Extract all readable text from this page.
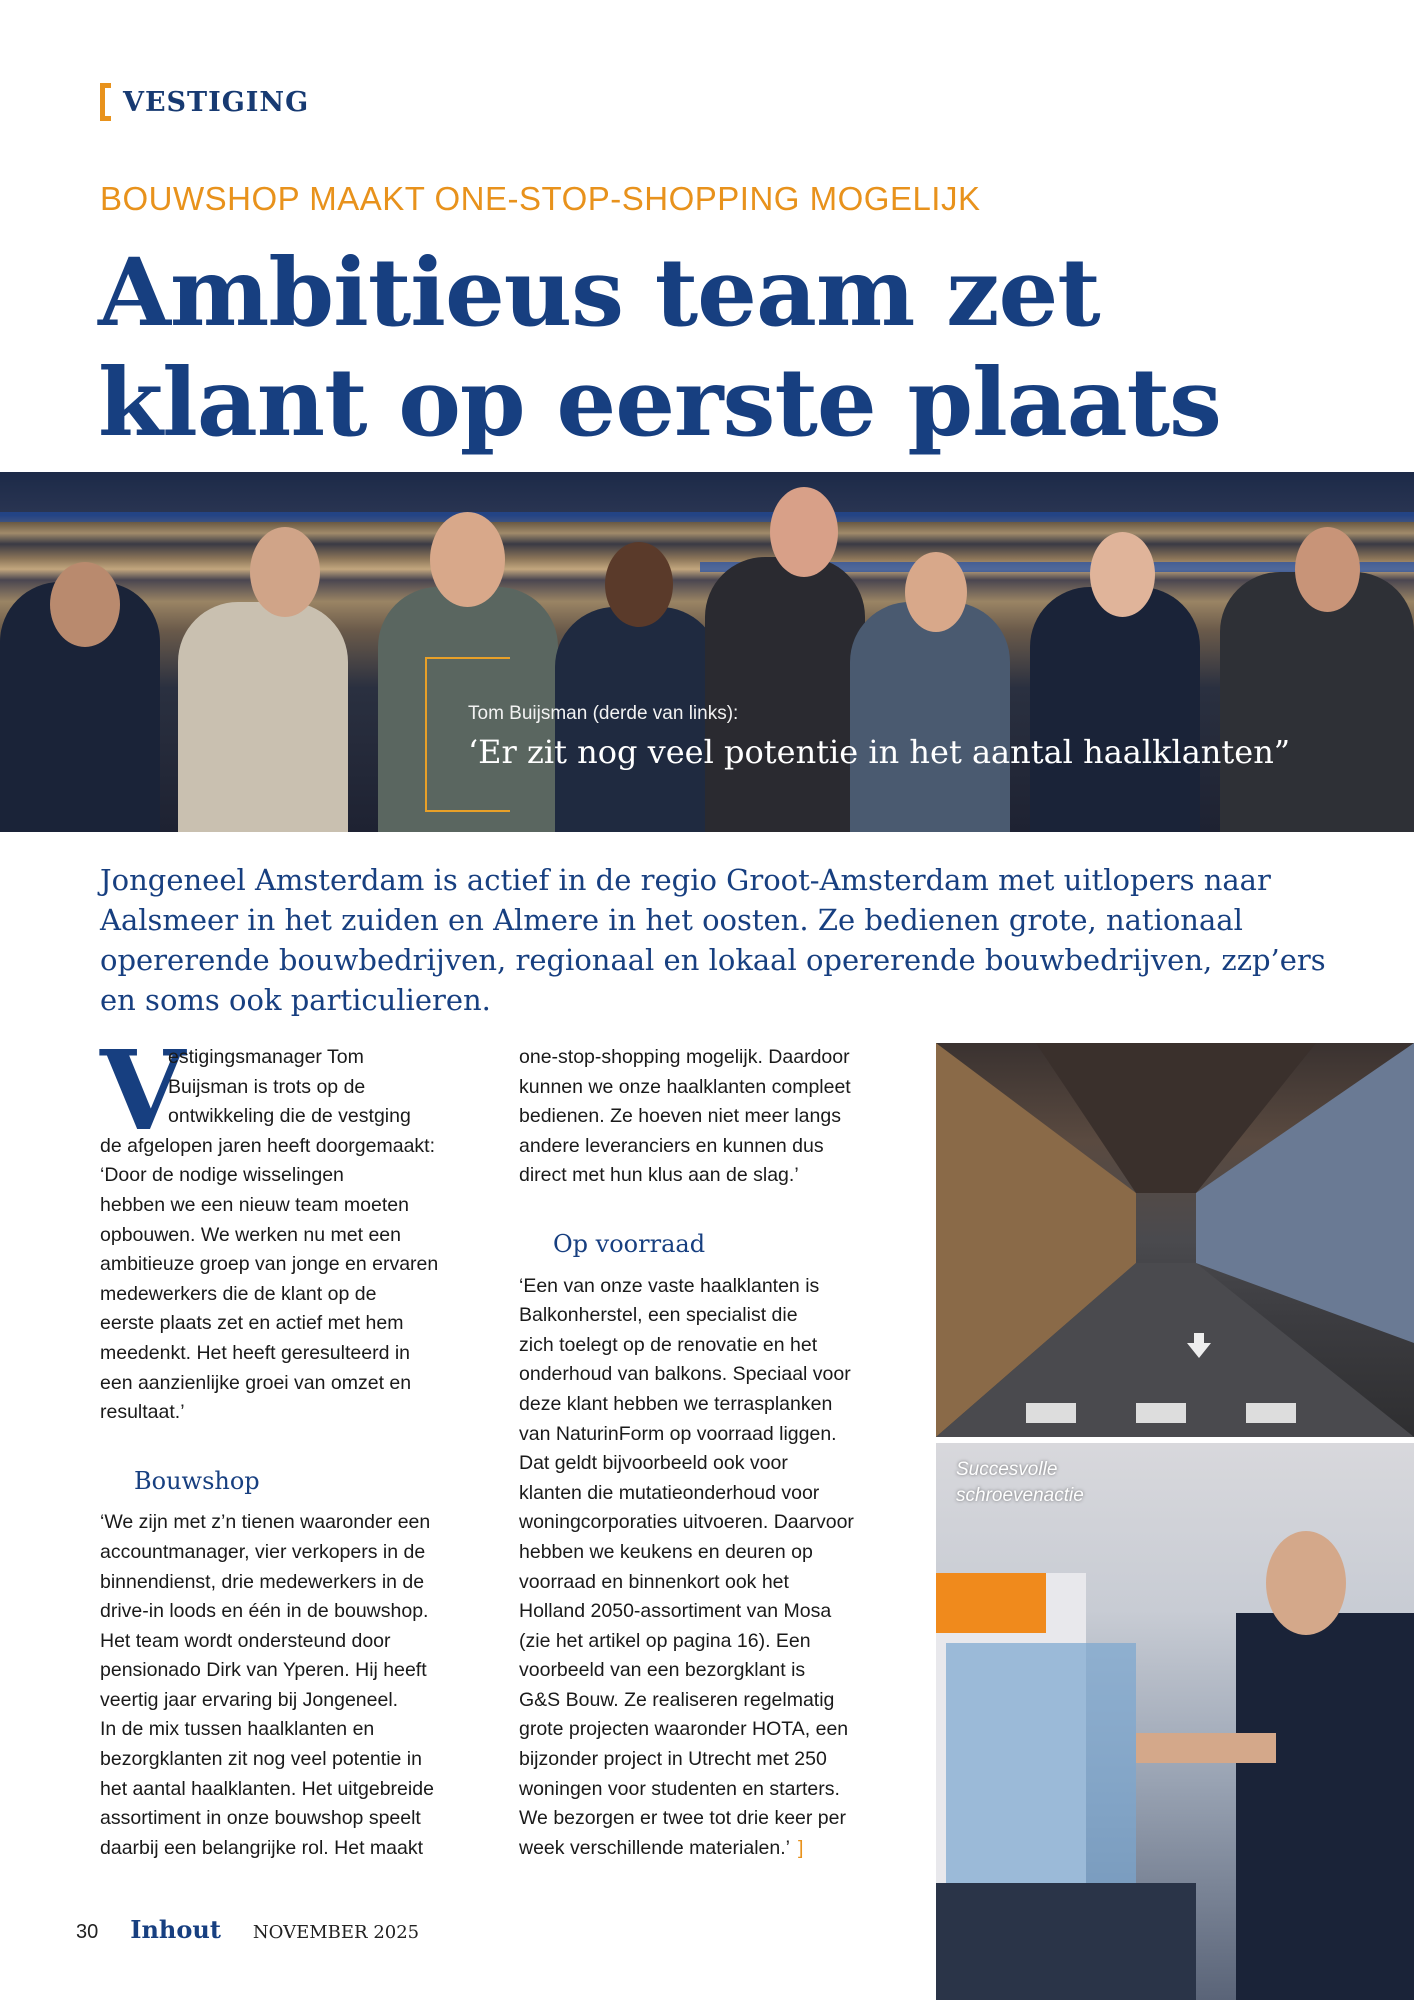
VESTIGING
BOUWSHOP MAAKT ONE-STOP-SHOPPING MOGELIJK
Ambitieus team zet
klant op eerste plaats
Tom Buijsman (derde van links):
‘Er zit nog veel potentie in het aantal haalklanten”

Jongeneel Amsterdam is actief in de regio Groot-Amsterdam met uitlopers naar Aalsmeer in het zuiden en Almere in het oosten. Ze bedienen grote, nationaal opererende bouwbedrijven, regionaal en lokaal opererende bouwbedrijven, zzp’ers en soms ook particulieren.

V
estigingsmanager Tom
Buijsman is trots op de
ontwikkeling die de vestging
de afgelopen jaren heeft doorgemaakt:
‘Door de nodige wisselingen
hebben we een nieuw team moeten
opbouwen. We werken nu met een
ambitieuze groep van jonge en ervaren
medewerkers die de klant op de
eerste plaats zet en actief met hem
meedenkt. Het heeft geresulteerd in
een aanzienlijke groei van omzet en
resultaat.’
Bouwshop
‘We zijn met z’n tienen waaronder een
accountmanager, vier verkopers in de
binnendienst, drie medewerkers in de
drive-in loods en één in de bouwshop.
Het team wordt ondersteund door
pensionado Dirk van Yperen. Hij heeft
veertig jaar ervaring bij Jongeneel.
In de mix tussen haalklanten en
bezorgklanten zit nog veel potentie in
het aantal haalklanten. Het uitgebreide
assortiment in onze bouwshop speelt
daarbij een belangrijke rol. Het maakt
one-stop-shopping mogelijk. Daardoor
kunnen we onze haalklanten compleet
bedienen. Ze hoeven niet meer langs
andere leveranciers en kunnen dus
direct met hun klus aan de slag.’
Op voorraad
‘Een van onze vaste haalklanten is
Balkonherstel, een specialist die
zich toelegt op de renovatie en het
onderhoud van balkons. Speciaal voor
deze klant hebben we terrasplanken
van NaturinForm op voorraad liggen.
Dat geldt bijvoorbeeld ook voor
klanten die mutatieonderhoud voor
woningcorporaties uitvoeren. Daarvoor
hebben we keukens en deuren op
voorraad en binnenkort ook het
Holland 2050-assortiment van Mosa
(zie het artikel op pagina 16). Een
voorbeeld van een bezorgklant is
G&S Bouw. Ze realiseren regelmatig
grote projecten waaronder HOTA, een
bijzonder project in Utrecht met 250
woningen voor studenten en starters.
We bezorgen er twee tot drie keer per
week verschillende materialen.’ ]
Succesvolle
schroevenactie
30 Inhout NOVEMBER 2025
